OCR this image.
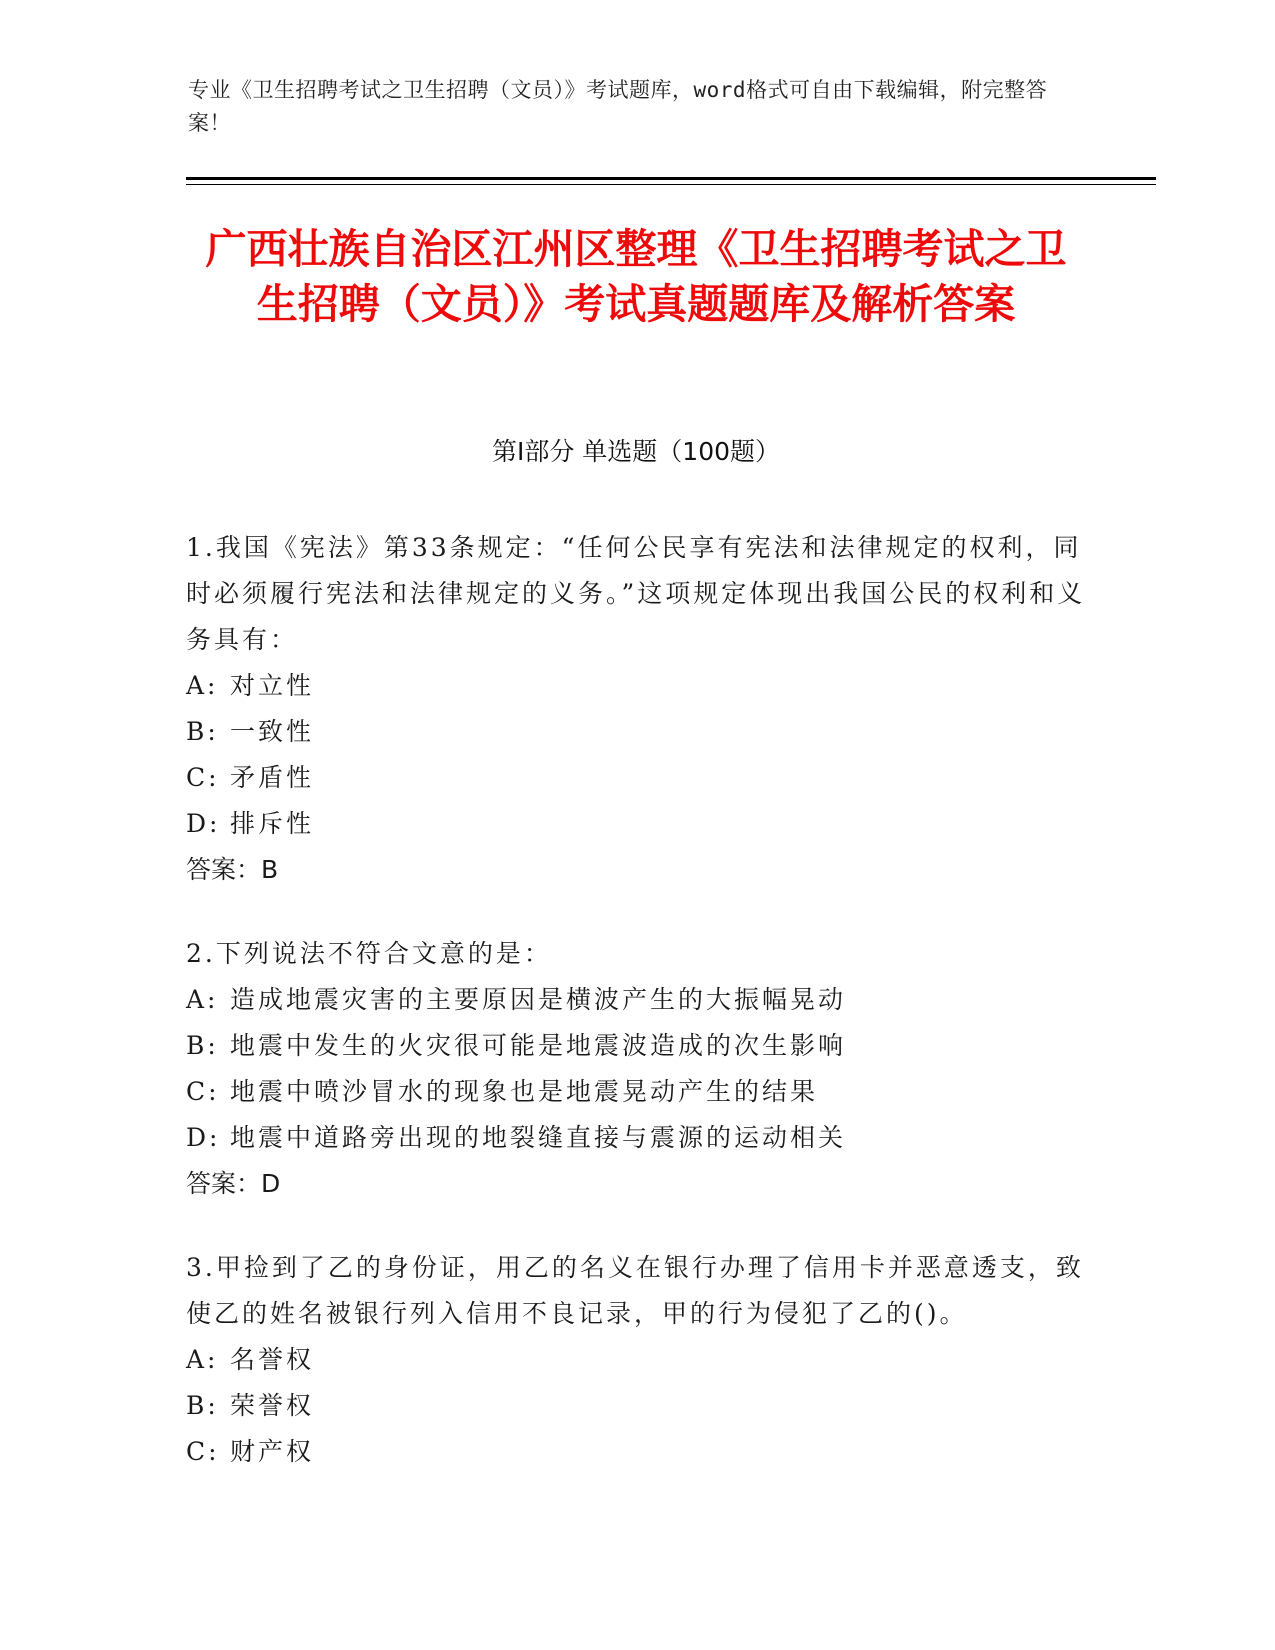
专业《卫生招聘考试之卫生招聘（文员）》考试题库，word格式可自由下载编辑，附完整答案！
广西壮族自治区江州区整理《卫生招聘考试之卫生招聘（文员）》考试真题题库及解析答案
第I部分 单选题（100题）

1.我国《宪法》第33条规定：“任何公民享有宪法和法律规定的权利，同时必须履行宪法和法律规定的义务。”这项规定体现出我国公民的权利和义务具有：

A: 对立性

B: 一致性

C: 矛盾性

D: 排斥性

答案：B

2.下列说法不符合文意的是：

A: 造成地震灾害的主要原因是横波产生的大振幅晃动

B: 地震中发生的火灾很可能是地震波造成的次生影响

C: 地震中喷沙冒水的现象也是地震晃动产生的结果

D: 地震中道路旁出现的地裂缝直接与震源的运动相关

答案：D

3.甲捡到了乙的身份证，用乙的名义在银行办理了信用卡并恶意透支，致使乙的姓名被银行列入信用不良记录，甲的行为侵犯了乙的()。

A: 名誉权

B: 荣誉权

C: 财产权
